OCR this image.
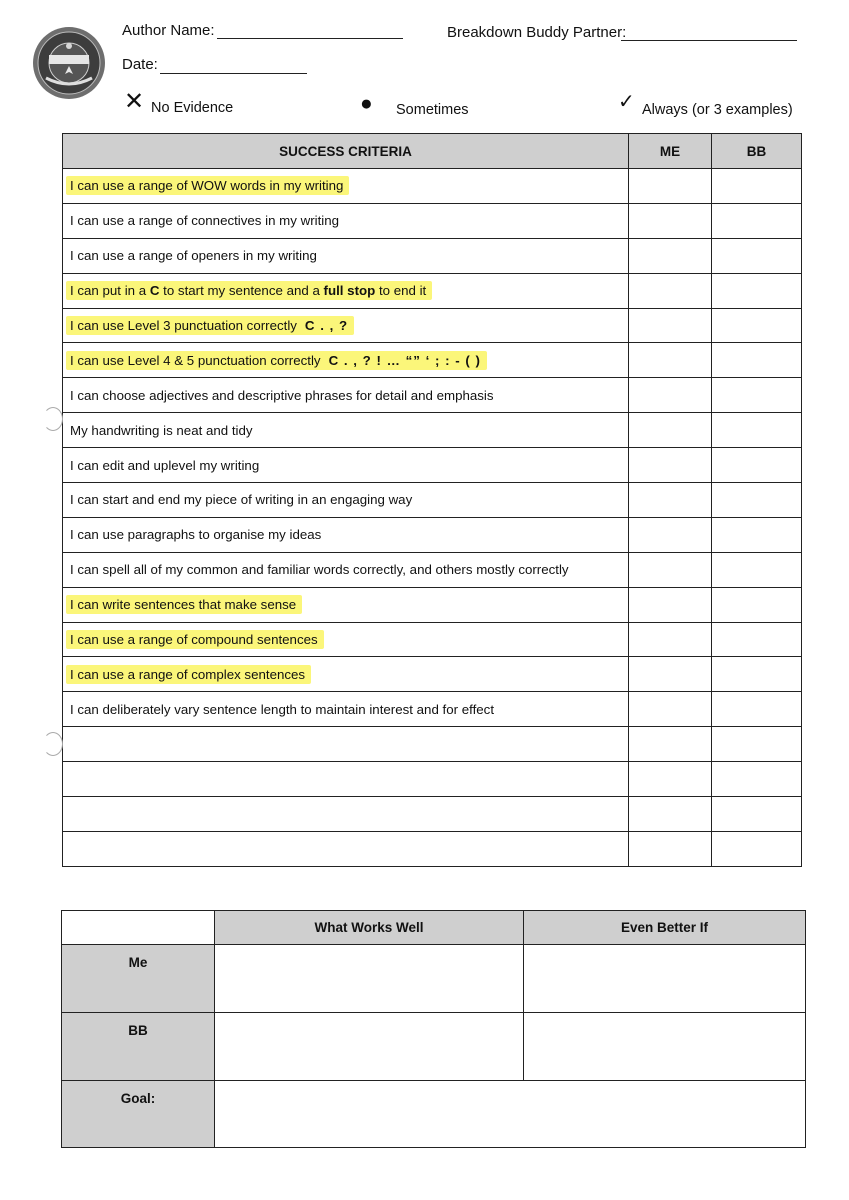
Author Name:	Breakdown Buddy Partner:
Date:
✕ No Evidence	● Sometimes	✓ Always (or 3 examples)
SUCCESS CRITERIA	ME	BB
I can use a range of WOW words in my writing		
I can use a range of connectives in my writing		
I can use a range of openers in my writing		
I can put in a C to start my sentence and a full stop to end it		
I can use Level 3 punctuation correctly C . , ?		
I can use Level 4 & 5 punctuation correctly C . , ? ! … “” ‘ ; : - ( )		
I can choose adjectives and descriptive phrases for detail and emphasis		
My handwriting is neat and tidy		
I can edit and uplevel my writing		
I can start and end my piece of writing in an engaging way		
I can use paragraphs to organise my ideas		
I can spell all of my common and familiar words correctly, and others mostly correctly		
I can write sentences that make sense		
I can use a range of compound sentences		
I can use a range of complex sentences		
I can deliberately vary sentence length to maintain interest and for effect		

	What Works Well	Even Better If
Me		
BB		
Goal:		
